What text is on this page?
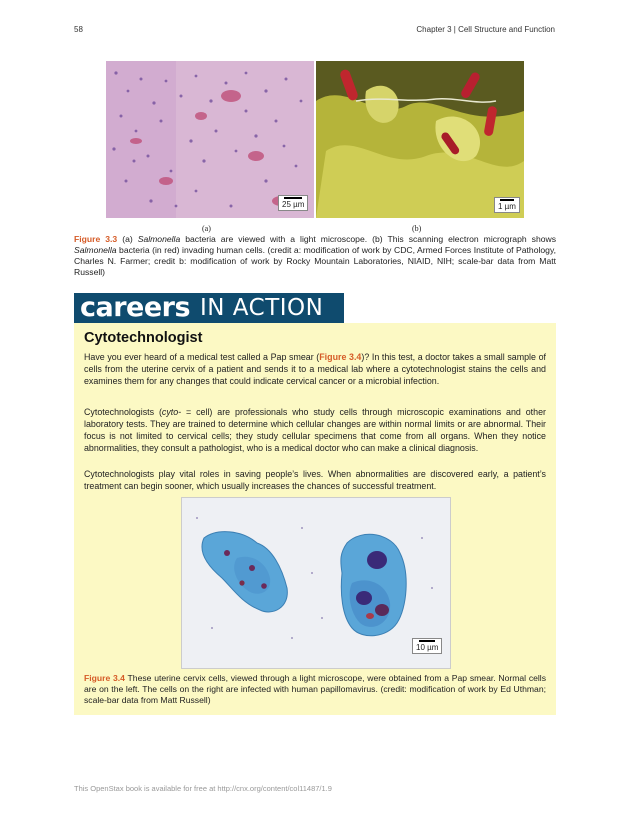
58	Chapter 3 | Cell Structure and Function
25 µm	1 µm
(a)	(b)
Figure 3.3 (a) Salmonella bacteria are viewed with a light microscope. (b) This scanning electron micrograph shows Salmonella bacteria (in red) invading human cells. (credit a: modification of work by CDC, Armed Forces Institute of Pathology, Charles N. Farmer; credit b: modification of work by Rocky Mountain Laboratories, NIAID, NIH; scale-bar data from Matt Russell)
careers IN ACTION
Cytotechnologist
Have you ever heard of a medical test called a Pap smear (Figure 3.4)? In this test, a doctor takes a small sample of cells from the uterine cervix of a patient and sends it to a medical lab where a cytotechnologist stains the cells and examines them for any changes that could indicate cervical cancer or a microbial infection.
Cytotechnologists (cyto- = cell) are professionals who study cells through microscopic examinations and other laboratory tests. They are trained to determine which cellular changes are within normal limits or are abnormal. Their focus is not limited to cervical cells; they study cellular specimens that come from all organs. When they notice abnormalities, they consult a pathologist, who is a medical doctor who can make a clinical diagnosis.
Cytotechnologists play vital roles in saving people’s lives. When abnormalities are discovered early, a patient’s treatment can begin sooner, which usually increases the chances of successful treatment.
10 µm
Figure 3.4 These uterine cervix cells, viewed through a light microscope, were obtained from a Pap smear. Normal cells are on the left. The cells on the right are infected with human papillomavirus. (credit: modification of work by Ed Uthman; scale-bar data from Matt Russell)
This OpenStax book is available for free at http://cnx.org/content/col11487/1.9
